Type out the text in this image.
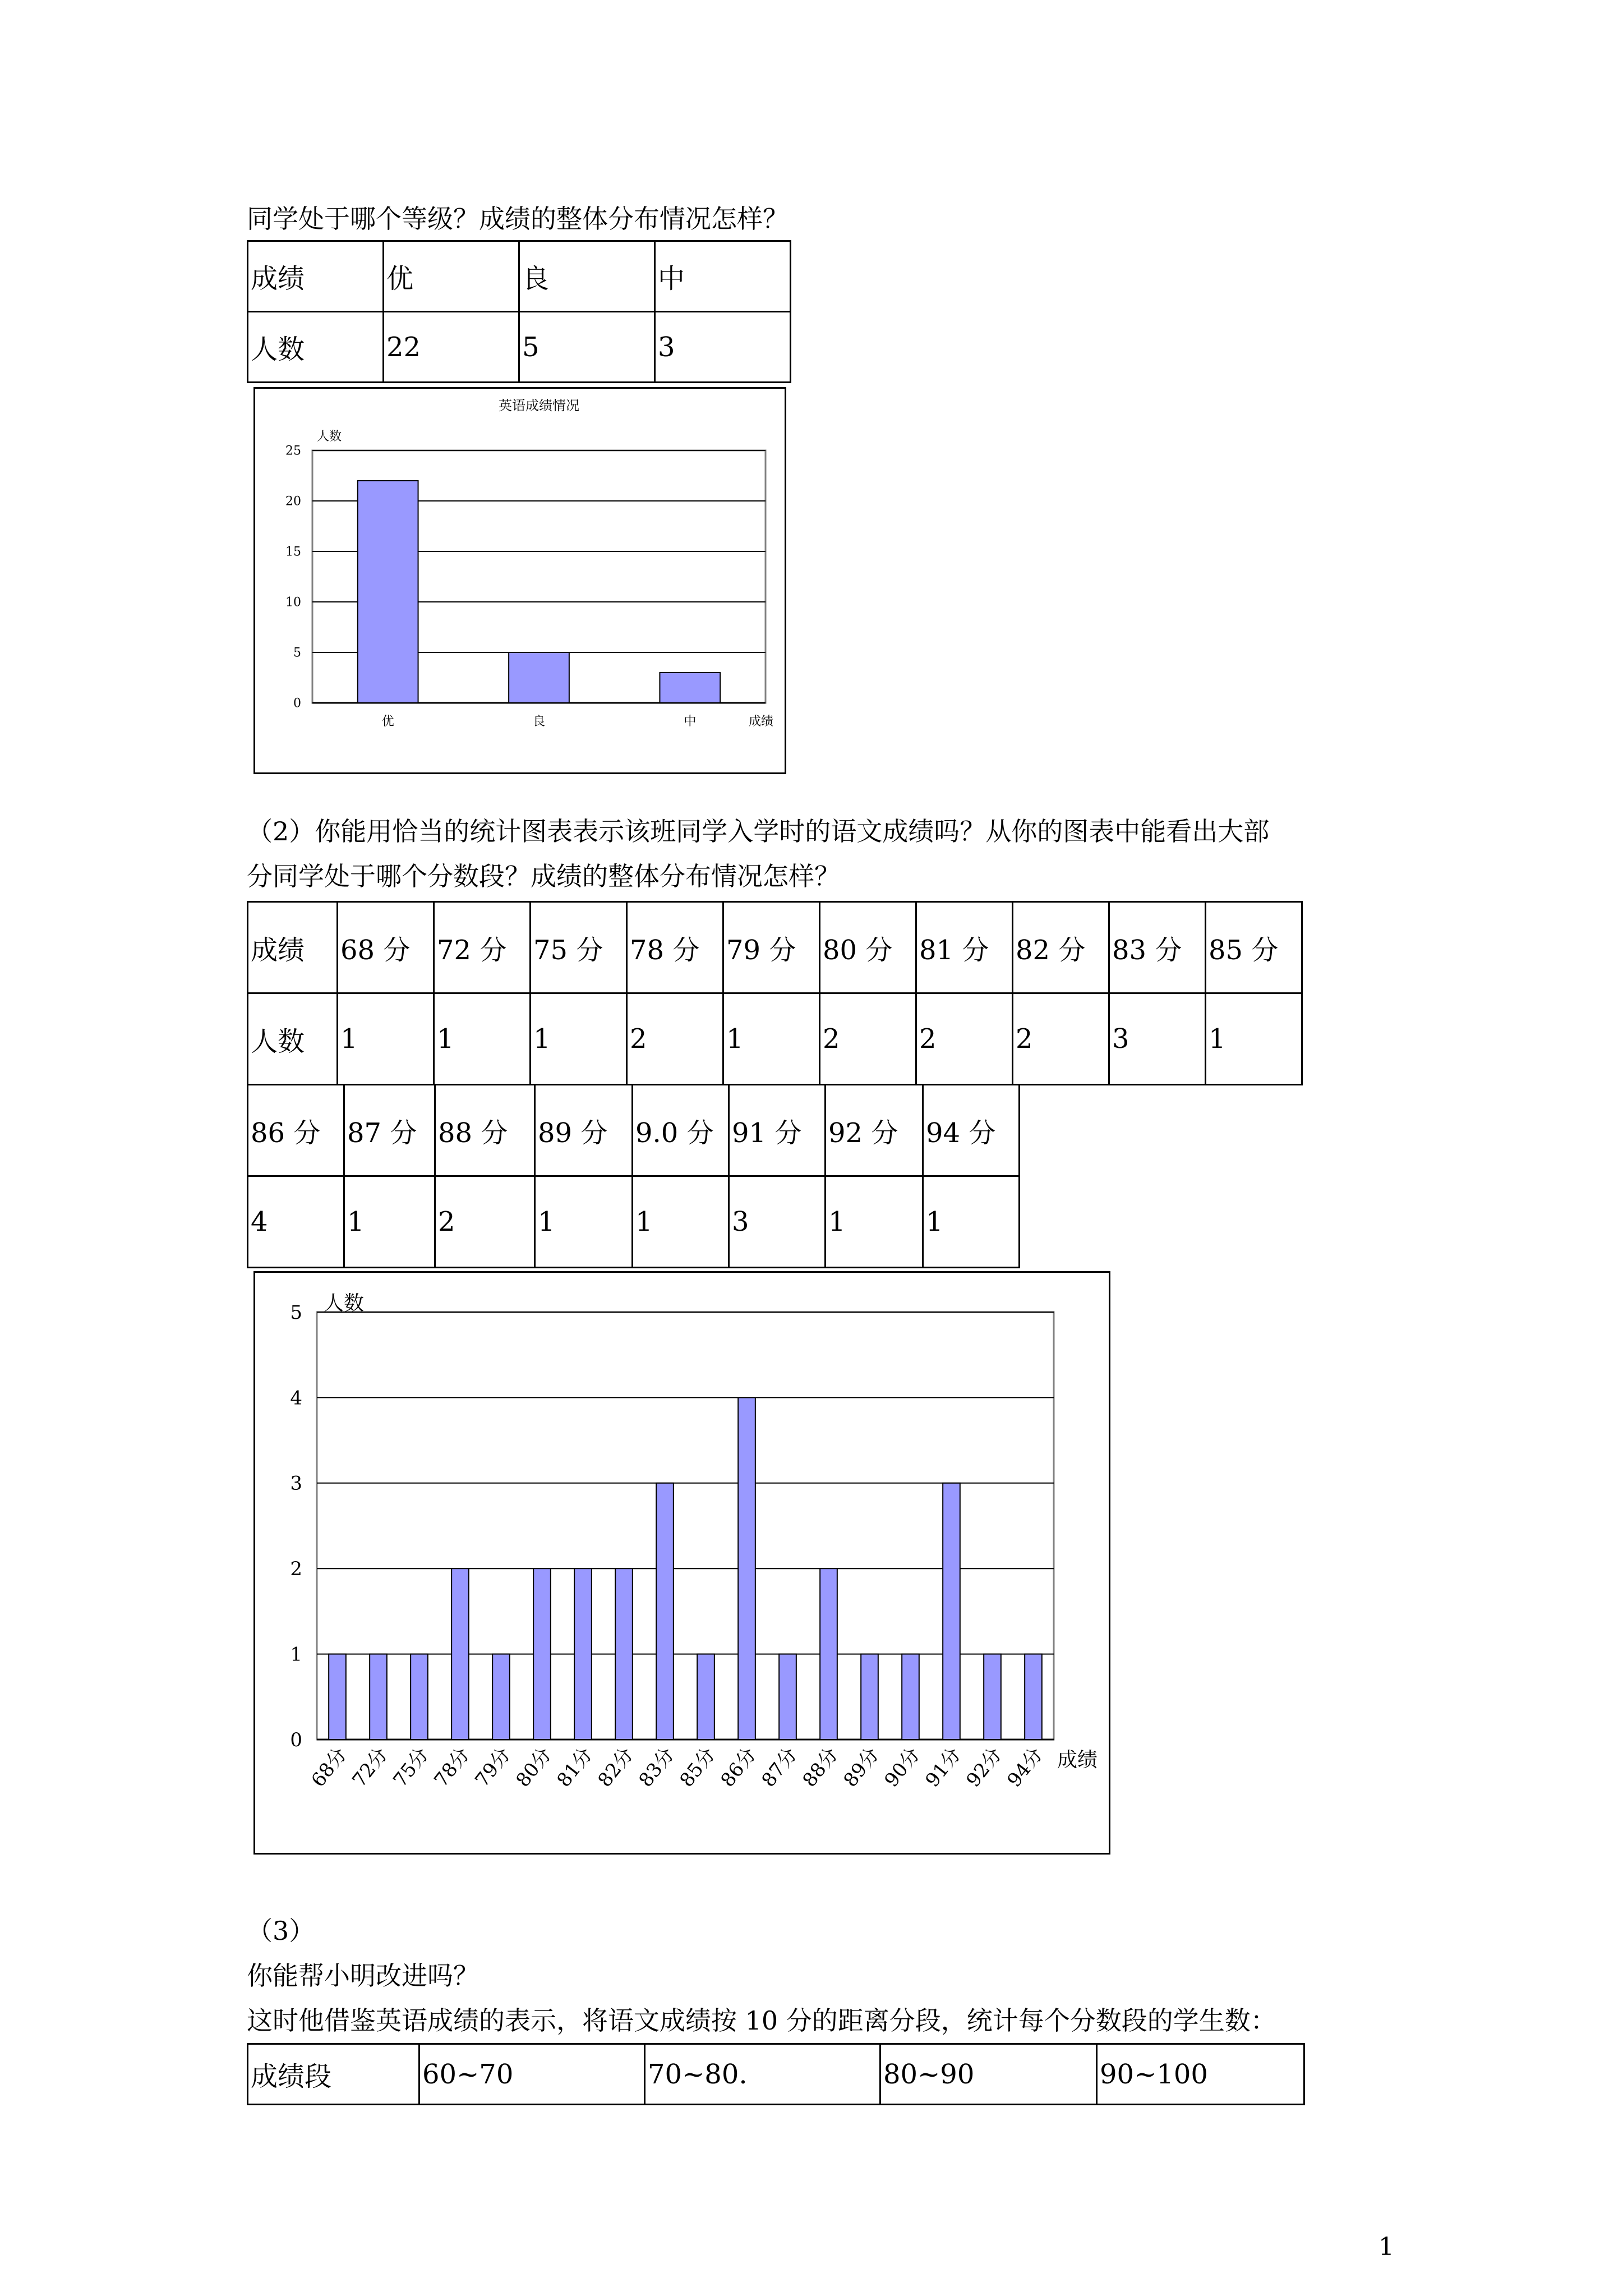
同学处于哪个等级？成绩的整体分布情况怎样？
成绩	优	良	中
人数	22	5	3
0
5
10
15
20
25
优	良	中
英语成绩情况
人数
成绩
（2）你能用恰当的统计图表表示该班同学入学时的语文成绩吗？从你的图表中能看出大部
分同学处于哪个分数段？成绩的整体分布情况怎样？
成绩	68 分	72 分	75 分	78 分	79 分	80 分	81 分	82 分	83 分	85 分
人数	1	1	1	2	1	2	2	2	3	1
86 分	87 分	88 分	89 分	9.0 分	91 分	92 分	94 分
4	1	2	1	1	3	1	1
0
1
2
3
4
5
68分
72分
75分
78分
79分
80分
81分
82分
83分
85分
86分
87分
88分
89分
90分
91分
92分
94分
人数
成绩
（3）
你能帮小明改进吗？
这时他借鉴英语成绩的表示，将语文成绩按 10 分的距离分段，统计每个分数段的学生数：
成绩段	60~70	70~80.	80~90	90~100
1
